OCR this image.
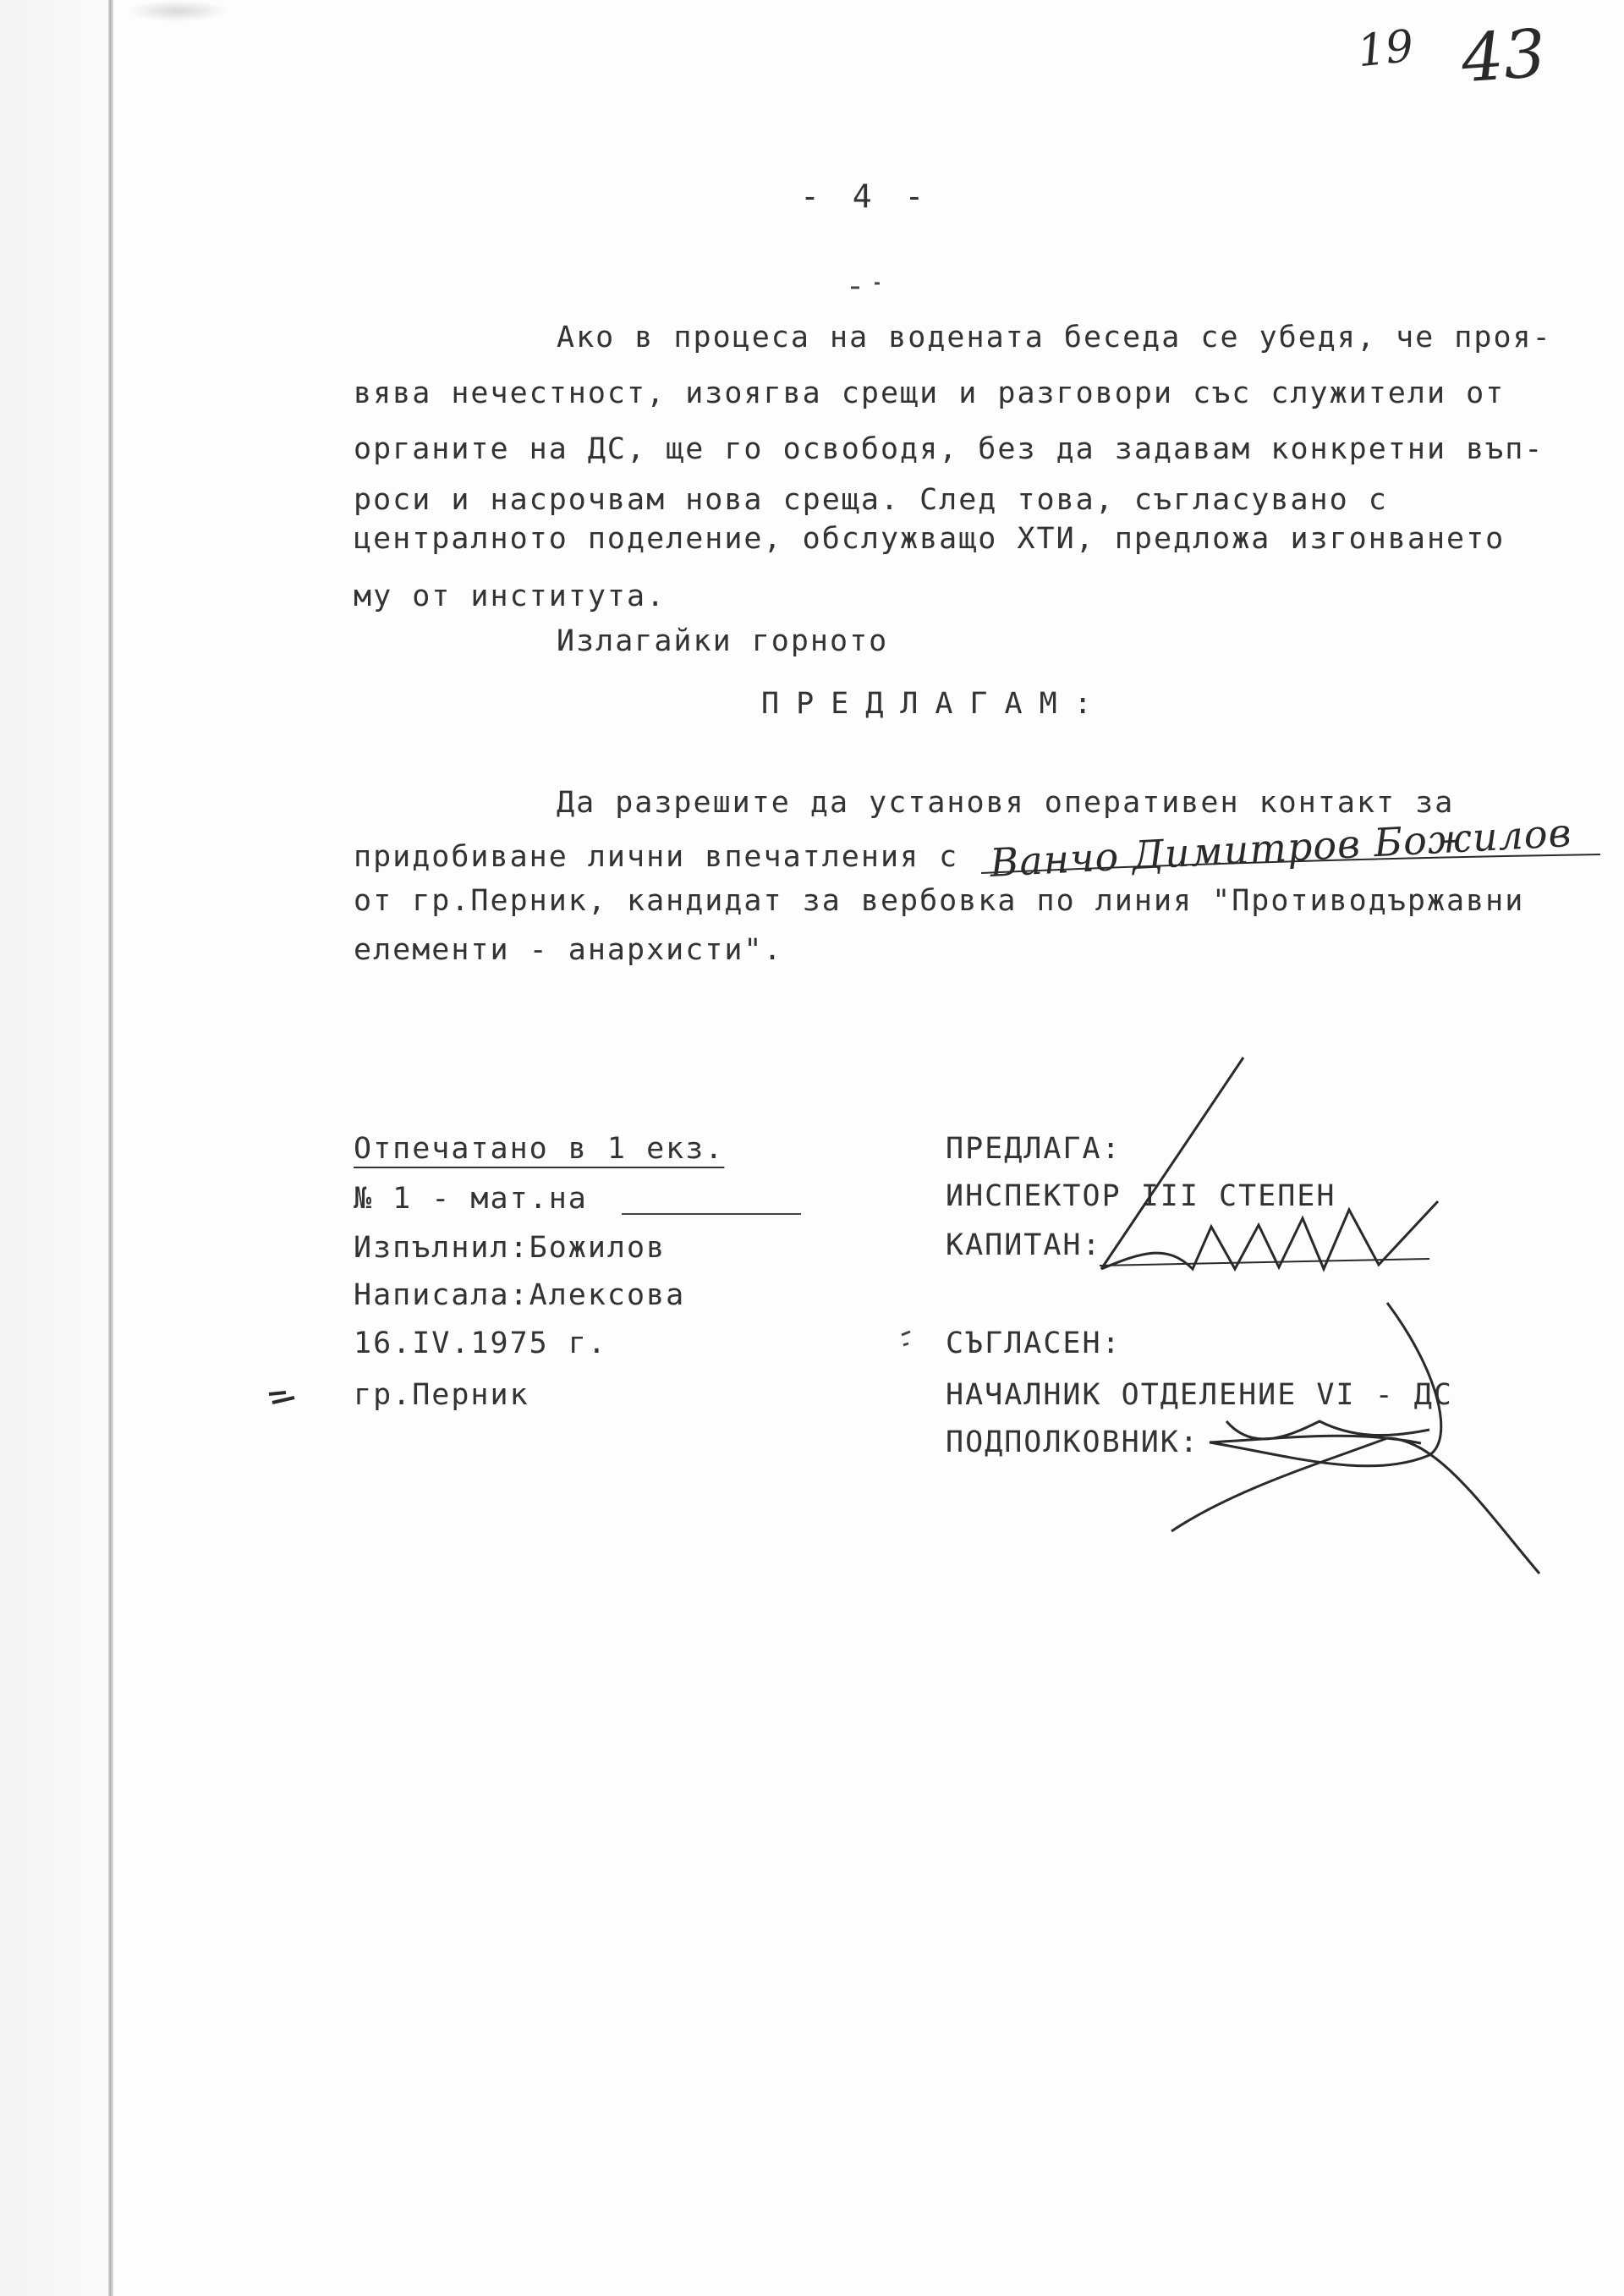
19 43
- 4 -
Ако в процеса на водената беседа се убедя, че проя-
вява нечестност, изоягва срещи и разговори със служители от
органите на ДС, ще го освободя, без да задавам конкретни въп-
роси и насрочвам нова среща. След това, съгласувано с
централното поделение, обслужващо ХТИ, предложа изгонването
му от института.
Излагайки горното
ПРЕДЛАГАМ:
Да разрешите да установя оперативен контакт за
придобиване лични впечатления с Ванчо Димитров Божилов
от гр.Перник, кандидат за вербовка по линия "Противодържавни
елементи - анархисти".
Отпечатано в 1 екз.
№ 1 - мат.на
Изпълнил:Божилов
Написала:Алексова
16.IV.1975 г.
гр.Перник
ПРЕДЛАГА:
ИНСПЕКТОР III СТЕПЕН
КАПИТАН:
СЪГЛАСЕН:
НАЧАЛНИК ОТДЕЛЕНИЕ VI - ДС
ПОДПОЛКОВНИК:
